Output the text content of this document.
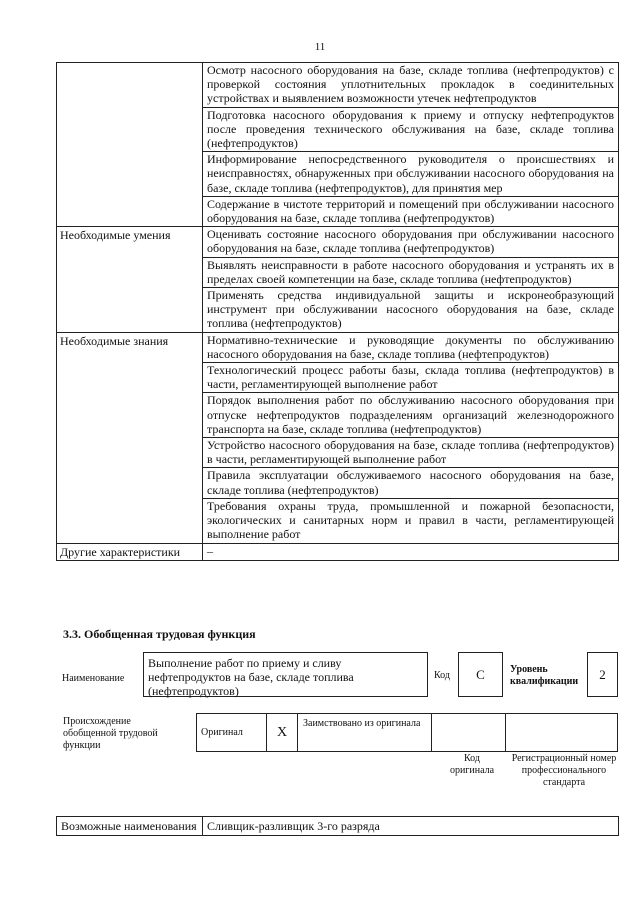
11
	Осмотр насосного оборудования на базе, складе топлива (нефтепродуктов) с проверкой состояния уплотнительных прокладок в соединительных устройствах и выявлением возможности утечек нефтепродуктов
	Подготовка насосного оборудования к приему и отпуску нефтепродуктов после проведения технического обслуживания на базе, складе топлива (нефтепродуктов)
	Информирование непосредственного руководителя о происшествиях и неисправностях, обнаруженных при обслуживании насосного оборудования на базе, складе топлива (нефтепродуктов), для принятия мер
	Содержание в чистоте территорий и помещений при обслуживании насосного оборудования на базе, складе топлива (нефтепродуктов)
Необходимые умения	Оценивать состояние насосного оборудования при обслуживании насосного оборудования на базе, складе топлива (нефтепродуктов)
	Выявлять неисправности в работе насосного оборудования и устранять их в пределах своей компетенции на базе, складе топлива (нефтепродуктов)
	Применять средства индивидуальной защиты и искронеобразующий инструмент при обслуживании насосного оборудования на базе, складе топлива (нефтепродуктов)
Необходимые знания	Нормативно-технические и руководящие документы по обслуживанию насосного оборудования на базе, складе топлива (нефтепродуктов)
	Технологический процесс работы базы, склада топлива (нефтепродуктов) в части, регламентирующей выполнение работ
	Порядок выполнения работ по обслуживанию насосного оборудования при отпуске нефтепродуктов подразделениям организаций железнодорожного транспорта на базе, складе топлива (нефтепродуктов)
	Устройство насосного оборудования на базе, складе топлива (нефтепродуктов) в части, регламентирующей выполнение работ
	Правила эксплуатации обслуживаемого насосного оборудования на базе, складе топлива (нефтепродуктов)
	Требования охраны труда, промышленной и пожарной безопасности, экологических и санитарных норм и правил в части, регламентирующей выполнение работ
Другие характеристики	–
3.3. Обобщенная трудовая функция
Наименование
Выполнение работ по приему и сливу нефтепродуктов на базе, складе топлива (нефтепродуктов)
Код	C	Уровень квалификации	2
Происхождение обобщенной трудовой функции
Оригинал	X	Заимствовано из оригинала		
Код оригинала
Регистрационный номер профессионального стандарта
Возможные наименования	Сливщик-разливщик 3-го разряда
